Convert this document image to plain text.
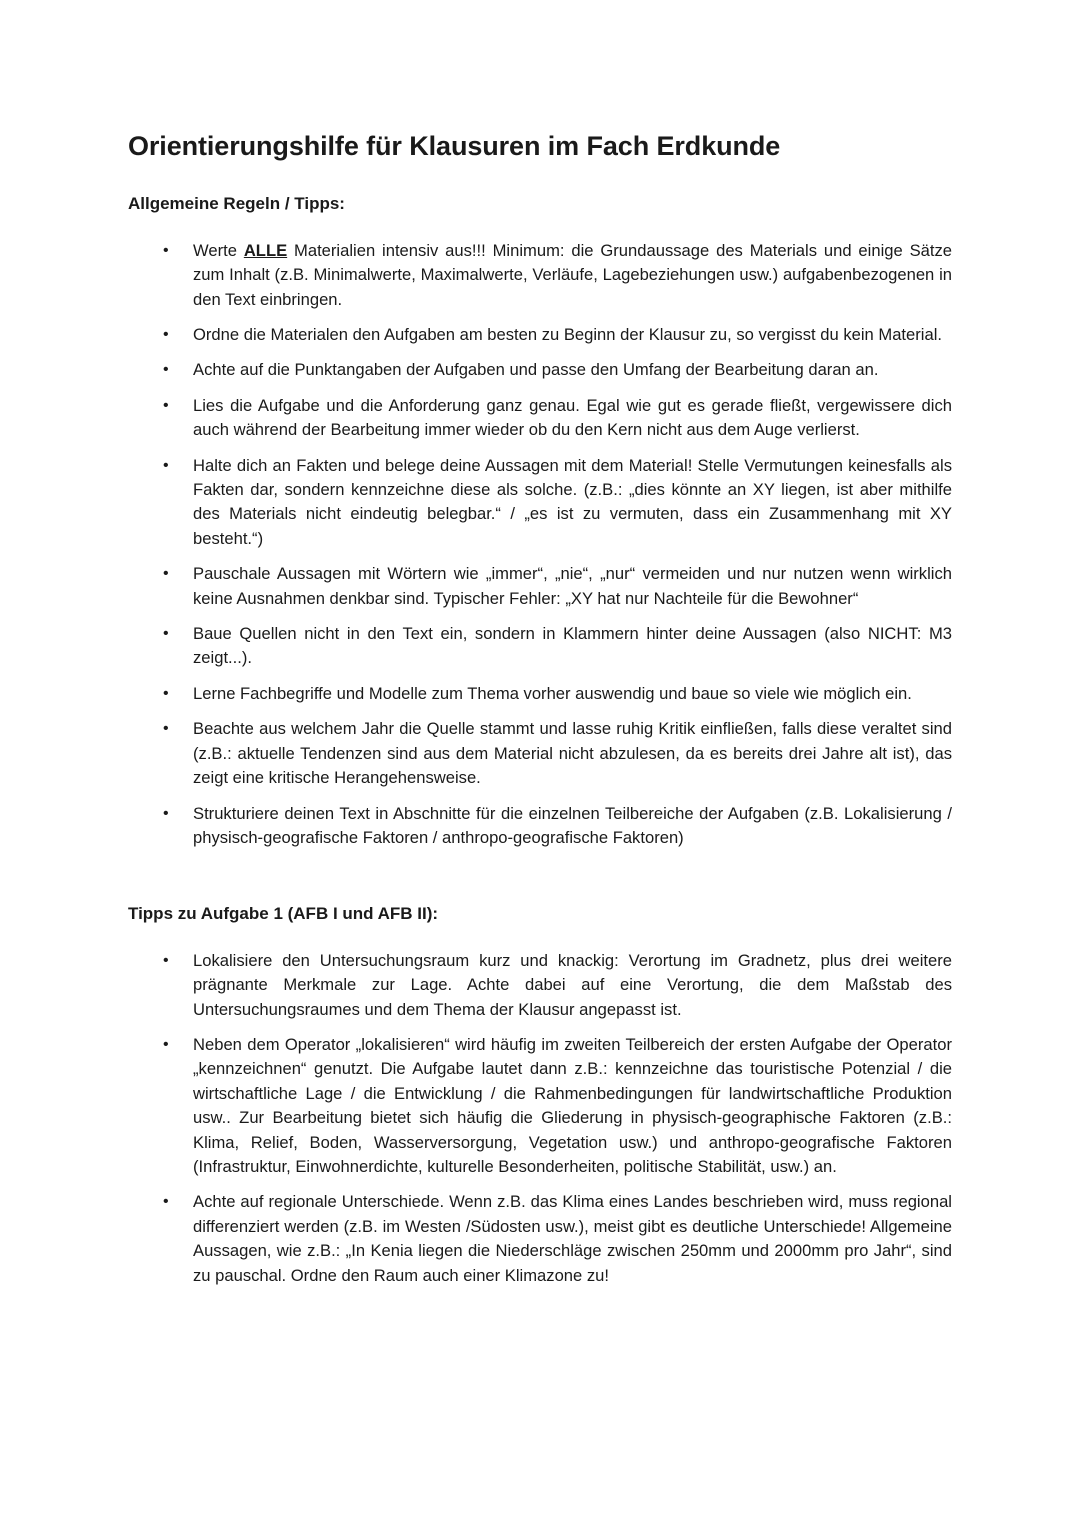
Orientierungshilfe für Klausuren im Fach Erdkunde
Allgemeine Regeln / Tipps:
• Werte ALLE Materialien intensiv aus!!! Minimum: die Grundaussage des Materials und einige Sätze zum Inhalt (z.B. Minimalwerte, Maximalwerte, Verläufe, Lagebeziehungen usw.) aufgabenbezogenen in den Text einbringen.
• Ordne die Materialen den Aufgaben am besten zu Beginn der Klausur zu, so vergisst du kein Material.
• Achte auf die Punktangaben der Aufgaben und passe den Umfang der Bearbeitung daran an.
• Lies die Aufgabe und die Anforderung ganz genau. Egal wie gut es gerade fließt, vergewissere dich auch während der Bearbeitung immer wieder ob du den Kern nicht aus dem Auge verlierst.
• Halte dich an Fakten und belege deine Aussagen mit dem Material! Stelle Vermutungen keinesfalls als Fakten dar, sondern kennzeichne diese als solche. (z.B.: „dies könnte an XY liegen, ist aber mithilfe des Materials nicht eindeutig belegbar.“ / „es ist zu vermuten, dass ein Zusammenhang mit XY besteht.“)
• Pauschale Aussagen mit Wörtern wie „immer“, „nie“, „nur“ vermeiden und nur nutzen wenn wirklich keine Ausnahmen denkbar sind. Typischer Fehler: „XY hat nur Nachteile für die Bewohner“
• Baue Quellen nicht in den Text ein, sondern in Klammern hinter deine Aussagen (also NICHT: M3 zeigt...).
• Lerne Fachbegriffe und Modelle zum Thema vorher auswendig und baue so viele wie möglich ein.
• Beachte aus welchem Jahr die Quelle stammt und lasse ruhig Kritik einfließen, falls diese veraltet sind (z.B.: aktuelle Tendenzen sind aus dem Material nicht abzulesen, da es bereits drei Jahre alt ist), das zeigt eine kritische Herangehensweise.
• Strukturiere deinen Text in Abschnitte für die einzelnen Teilbereiche der Aufgaben (z.B. Lokalisierung / physisch-geografische Faktoren / anthropo-geografische Faktoren)
Tipps zu Aufgabe 1 (AFB I und AFB II):
• Lokalisiere den Untersuchungsraum kurz und knackig: Verortung im Gradnetz, plus drei weitere prägnante Merkmale zur Lage. Achte dabei auf eine Verortung, die dem Maßstab des Untersuchungsraumes und dem Thema der Klausur angepasst ist.
• Neben dem Operator „lokalisieren“ wird häufig im zweiten Teilbereich der ersten Aufgabe der Operator „kennzeichnen“ genutzt. Die Aufgabe lautet dann z.B.: kennzeichne das touristische Potenzial / die wirtschaftliche Lage / die Entwicklung / die Rahmenbedingungen für landwirtschaftliche Produktion usw.. Zur Bearbeitung bietet sich häufig die Gliederung in physisch-geographische Faktoren (z.B.: Klima, Relief, Boden, Wasserversorgung, Vegetation usw.) und anthropo-geografische Faktoren (Infrastruktur, Einwohnerdichte, kulturelle Besonderheiten, politische Stabilität, usw.) an.
• Achte auf regionale Unterschiede. Wenn z.B. das Klima eines Landes beschrieben wird, muss regional differenziert werden (z.B. im Westen /Südosten usw.), meist gibt es deutliche Unterschiede! Allgemeine Aussagen, wie z.B.: „In Kenia liegen die Niederschläge zwischen 250mm und 2000mm pro Jahr“, sind zu pauschal. Ordne den Raum auch einer Klimazone zu!
